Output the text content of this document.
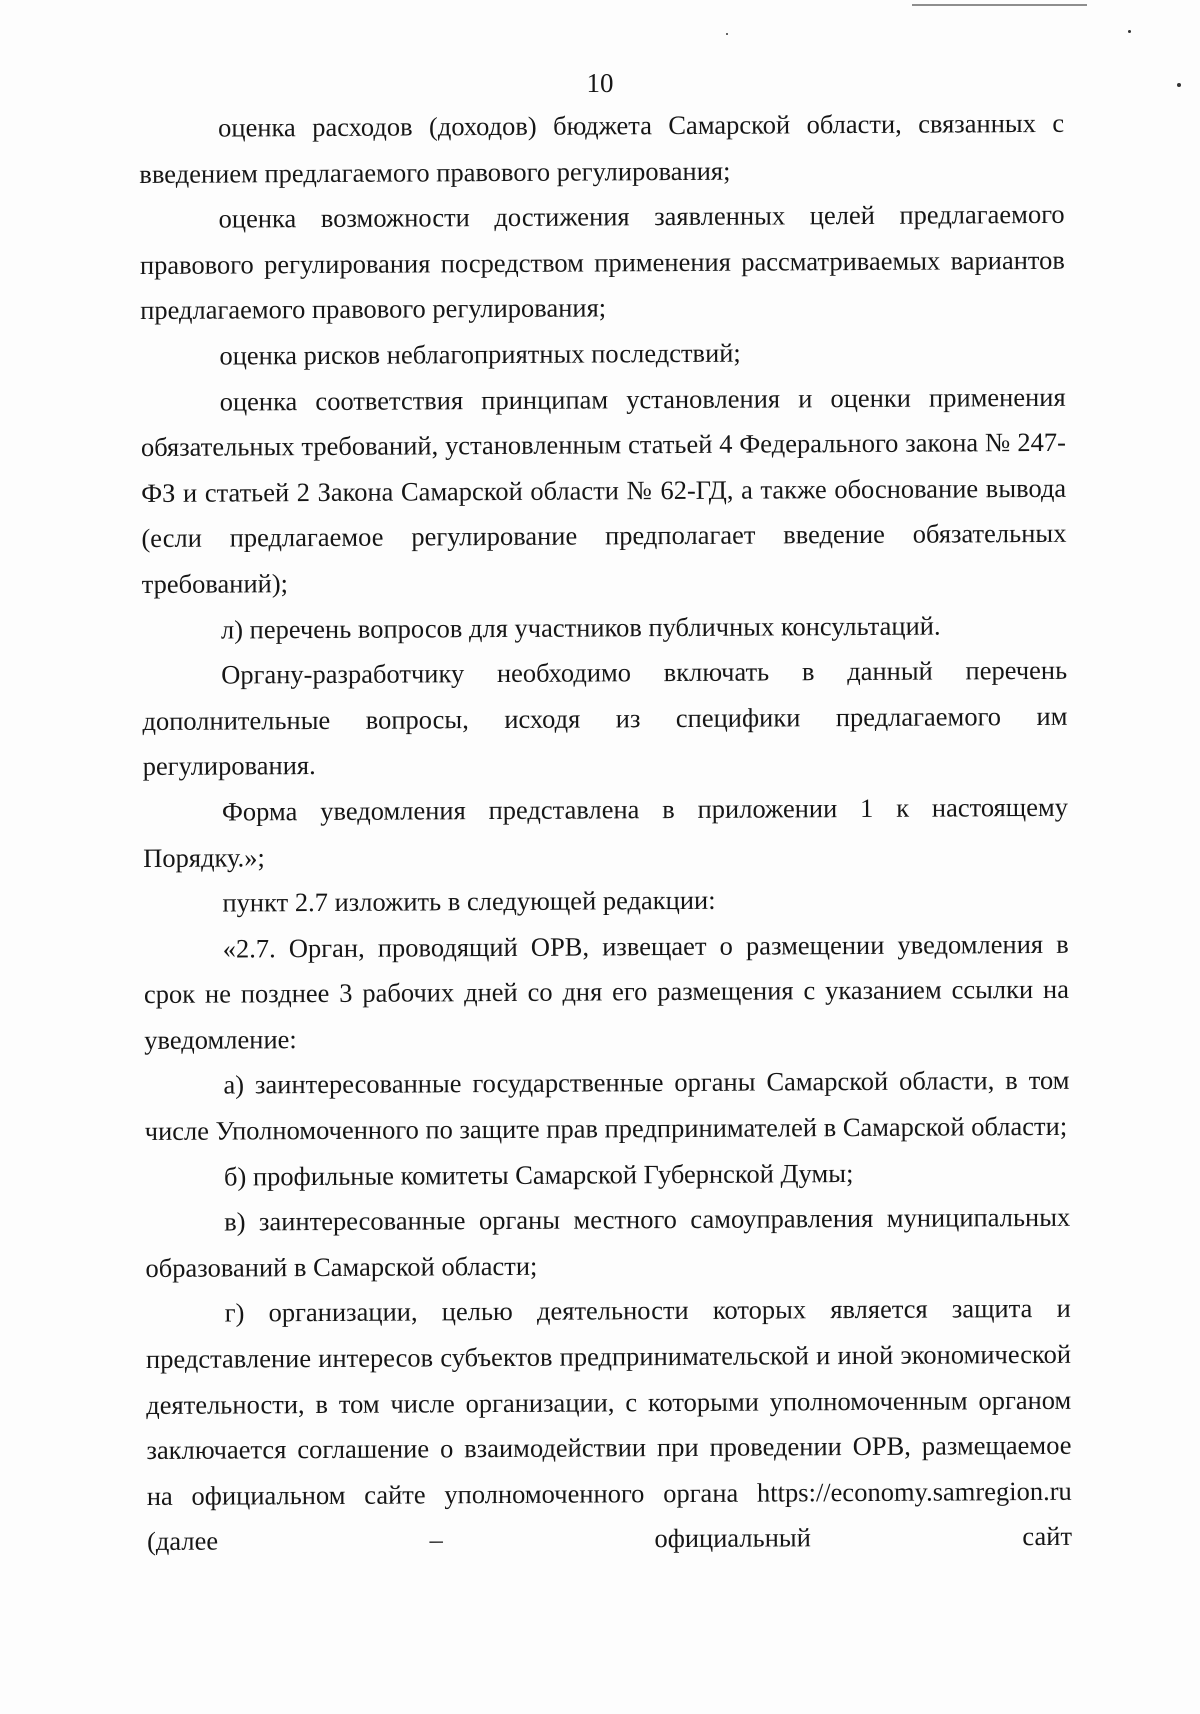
10

оценка расходов (доходов) бюджета Самарской области, связанных с введением предлагаемого правового регулирования;

оценка возможности достижения заявленных целей предлагаемого правового регулирования посредством применения рассматриваемых вариантов предлагаемого правового регулирования;

оценка рисков неблагоприятных последствий;

оценка соответствия принципам установления и оценки применения обязательных требований, установленным статьей 4 Федерального закона № 247-ФЗ и статьей 2 Закона Самарской области № 62-ГД, а также обоснование вывода (если предлагаемое регулирование предполагает введение обязательных требований);

л) перечень вопросов для участников публичных консультаций.

Органу-разработчику необходимо включать в данный перечень дополнительные вопросы, исходя из специфики предлагаемого им регулирования.

Форма уведомления представлена в приложении 1 к настоящему Порядку.»;

пункт 2.7 изложить в следующей редакции:

«2.7. Орган, проводящий ОРВ, извещает о размещении уведомления в срок не позднее 3 рабочих дней со дня его размещения с указанием ссылки на уведомление:

а) заинтересованные государственные органы Самарской области, в том числе Уполномоченного по защите прав предпринимателей в Самарской области;

б) профильные комитеты Самарской Губернской Думы;

в) заинтересованные органы местного самоуправления муниципальных образований в Самарской области;

г) организации, целью деятельности которых является защита и представление интересов субъектов предпринимательской и иной экономической деятельности, в том числе организации, с которыми уполномоченным органом заключается соглашение о взаимодействии при проведении ОРВ, размещаемое на официальном сайте уполномоченного органа https://economy.samregion.ru (далее – официальный сайт
